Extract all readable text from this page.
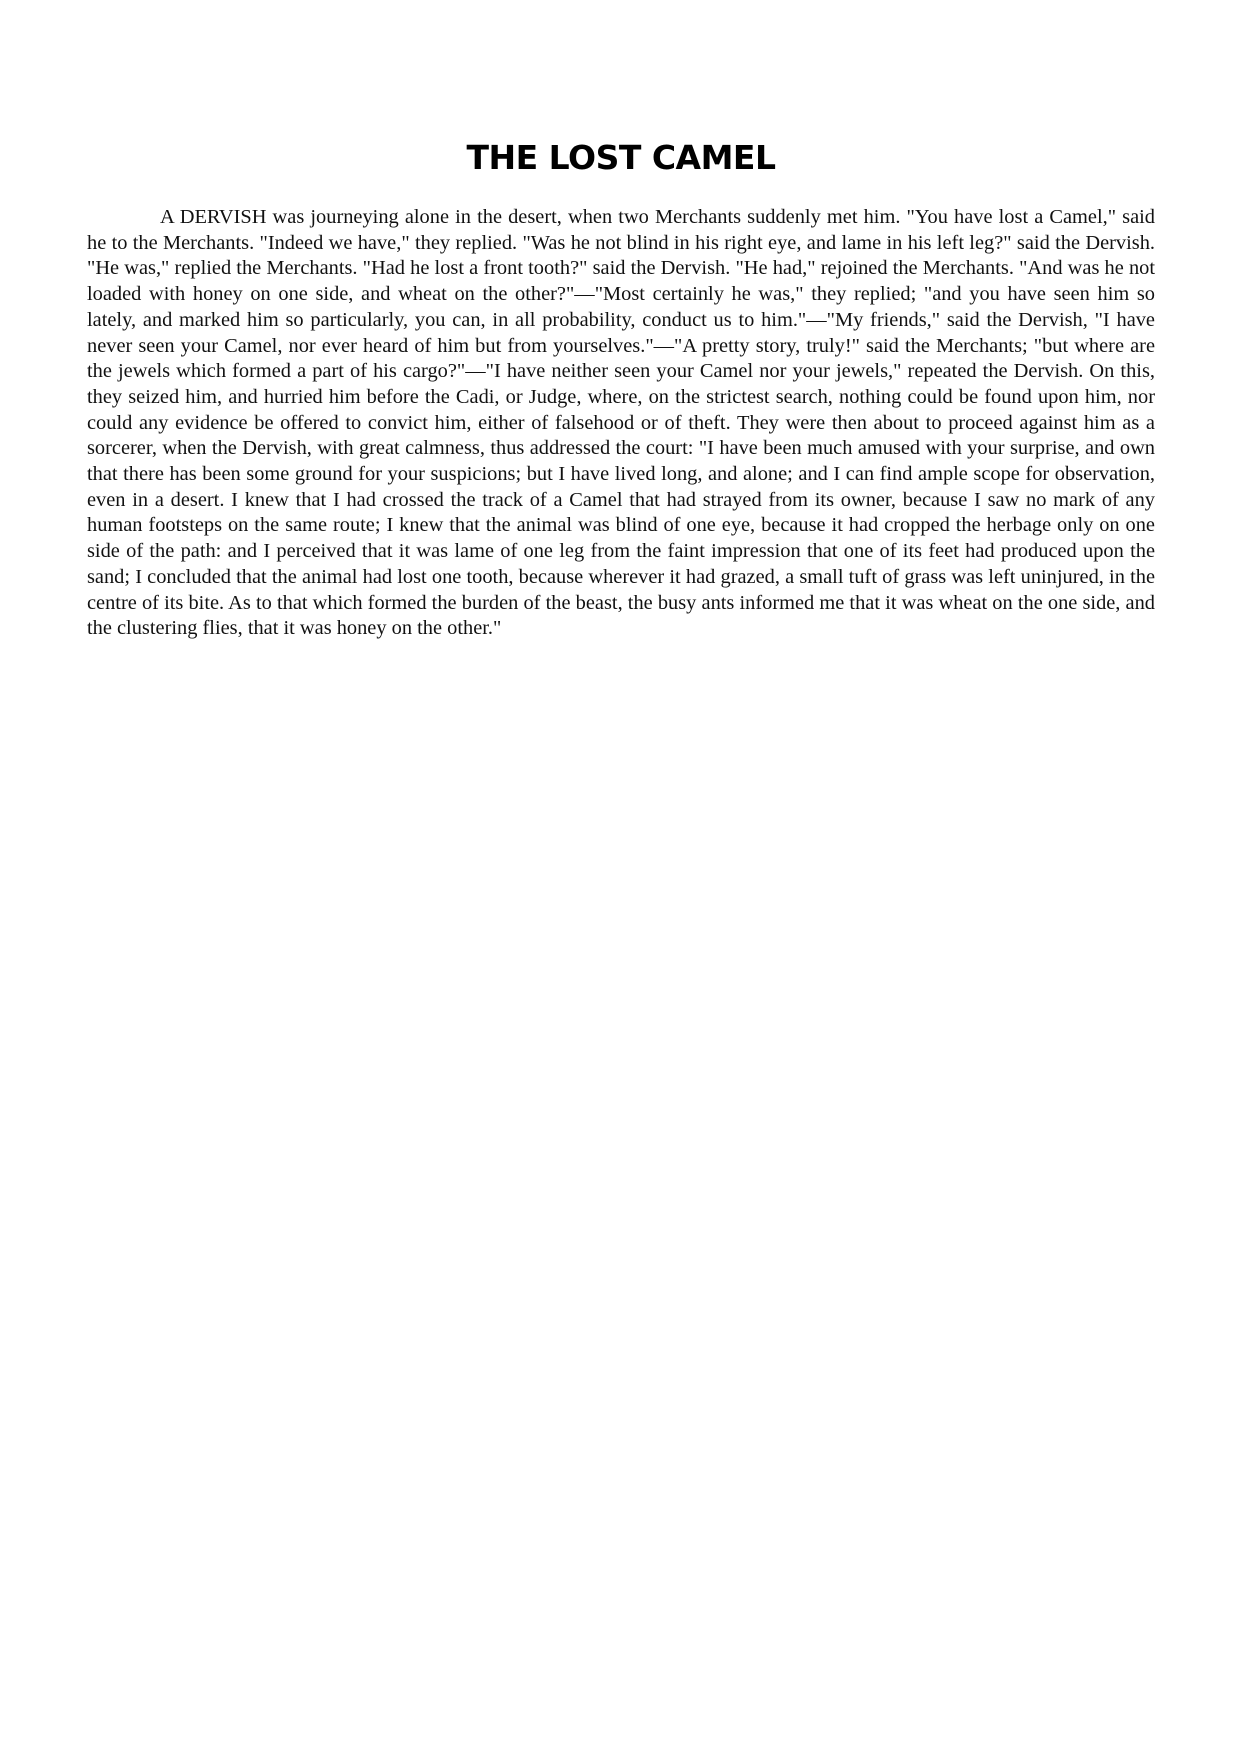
THE LOST CAMEL

A DERVISH was journeying alone in the desert, when two Merchants suddenly met him. "You have lost a Camel," said he to the Merchants. "Indeed we have," they replied. "Was he not blind in his right eye, and lame in his left leg?" said the Dervish. "He was," replied the Merchants. "Had he lost a front tooth?" said the Dervish. "He had," rejoined the Merchants. "And was he not loaded with honey on one side, and wheat on the other?"—"Most certainly he was," they replied; "and you have seen him so lately, and marked him so particularly, you can, in all probability, conduct us to him."—"My friends," said the Dervish, "I have never seen your Camel, nor ever heard of him but from yourselves."—"A pretty story, truly!" said the Merchants; "but where are the jewels which formed a part of his cargo?"—"I have neither seen your Camel nor your jewels," repeated the Dervish. On this, they seized him, and hurried him before the Cadi, or Judge, where, on the strictest search, nothing could be found upon him, nor could any evidence be offered to convict him, either of falsehood or of theft. They were then about to proceed against him as a sorcerer, when the Dervish, with great calmness, thus addressed the court: "I have been much amused with your surprise, and own that there has been some ground for your suspicions; but I have lived long, and alone; and I can find ample scope for observation, even in a desert. I knew that I had crossed the track of a Camel that had strayed from its owner, because I saw no mark of any human footsteps on the same route; I knew that the animal was blind of one eye, because it had cropped the herbage only on one side of the path: and I perceived that it was lame of one leg from the faint impression that one of its feet had produced upon the sand; I concluded that the animal had lost one tooth, because wherever it had grazed, a small tuft of grass was left uninjured, in the centre of its bite. As to that which formed the burden of the beast, the busy ants informed me that it was wheat on the one side, and the clustering flies, that it was honey on the other."
